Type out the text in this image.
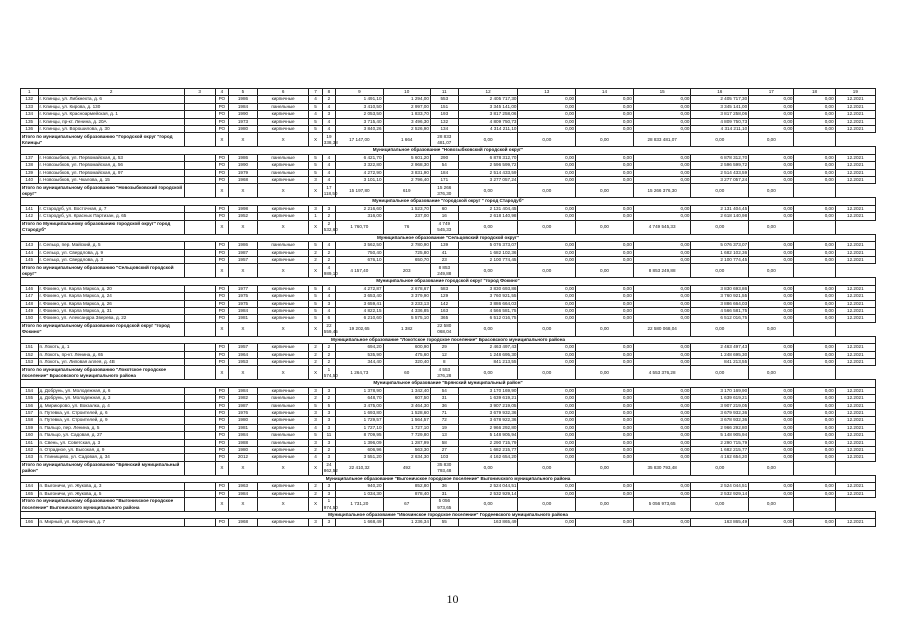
1	2	3	4	5	6	7	8	9	10	11	12	13	14	15	16	17	18	19
132	г. Клинцы, ул. Либкнехта, д. 6		РО	1986	кирпичные	4	2	1 491,10	1 294,00	553	2 405 717,30	0,00	0,00	0,00	2 405 717,30	0,00	0,00	12.2021
133	г. Клинцы, ул. Кирова, д. 130		РО	1984	панельные	5	4	3 410,50	2 997,00	151	3 345 141,00	0,00	0,00	0,00	3 345 141,00	0,00	0,00	12.2021
134	г. Клинцы, ул. Красноармейская, д. 1		РО	1990	кирпичные	4	3	2 053,50	1 833,70	193	3 817 258,06	0,00	0,00	0,00	3 817 258,06	0,00	0,00	12.2021
135	г. Клинцы, пр-кт. Ленина, д. 20А		РО	1973	кирпичные	5	4	3 715,40	3 496,30	132	4 809 750,73	0,00	0,00	0,00	4 809 750,73	0,00	0,00	12.2021
136	г. Клинцы, ул. Ворошилова, д. 30		РО	1980	кирпичные	5	4	3 840,26	2 526,90	134	4 314 211,10	0,00	0,00	0,00	4 314 211,10	0,00	0,00	12.2021
Итого по муниципальному образованию "Городской округ "город Клинцы"			Х	Х	Х	Х	19 338,38	17 147,00	1 664	28 833 481,07	0,00	0,00	0,00	28 833 481,07	0,00	0,00		
Муниципальное образование "Новозыбковский городской округ"																		
137	г. Новозыбков, ул. Первомайская, д. 53		РО	1986	панельные	5	4	6 421,70	5 601,20	290	6 878 312,70	0,00	0,00	0,00	6 878 312,70	0,00	0,00	12.2021
138	г. Новозыбков, ул. Первомайская, д. 56		РО	1990	кирпичные	5	4	3 322,80	2 968,30	54	2 596 599,72	0,00	0,00	0,00	2 596 599,72	0,00	0,00	12.2021
139	г. Новозыбков, ул. Первомайская, д. 97		РО	1979	панельные	5	4	4 272,90	3 831,90	184	2 514 433,59	0,00	0,00	0,00	2 514 433,59	0,00	0,00	12.2021
140	г. Новозыбков, ул. Чкалова, д. 15		РО	1968	кирпичные	3	4	3 101,10	2 796,40	171	3 277 057,24	0,00	0,00	0,00	3 277 057,24	0,00	0,00	12.2021
Итого по муниципальному образованию "Новозыбковский городской округ"			Х	Х	Х	Х	17 118,50	15 197,80	619	15 266 376,30	0,00	0,00	0,00	15 266 376,30	0,00	0,00		
Муниципальное образование "городской округ " город Стародуб"																		
141	г. Стародуб, ул. Восточная, д. 7		РО	1998	кирпичные	3	3	2 216,60	1 523,70	60	2 131 404,45	0,00	0,00	0,00	2 131 404,45	0,00	0,00	12.2021
142	г. Стародуб, ул. Красных Партизан, д. 65		РО	1952	кирпичные	1	2	316,00	237,00	16	2 618 140,98	0,00	0,00	0,00	2 618 140,98	0,00	0,00	12.2021
Итого по Муниципальному образованию городской округ" город Стародуб"			Х	Х	Х	Х	2 532,60	1 760,70	76	4 749 545,33	0,00	0,00	0,00	4 749 545,33	0,00	0,00		
Муниципальное образование "Сельцовский городской округ"																		
143	г. Сельцо, пер. Майский, д. 5		РО	1986	панельные	5	4	3 562,50	2 780,90	139	5 076 373,07	0,00	0,00	0,00	5 076 373,07	0,00	0,00	12.2021
144	г. Сельцо, ул. Свердлова, д. 9		РО	1987	кирпичные	2	2	750,40	725,80	41	1 682 102,36	0,00	0,00	0,00	1 682 102,36	0,00	0,00	12.2021
145	г. Сельцо, ул. Свердлова, д. 3		РО	1957	кирпичные	2	2	676,10	650,70	23	2 100 774,45	0,00	0,00	0,00	2 100 774,45	0,00	0,00	12.2021
Итого по муниципальному образованию "Сельцовский городской округ"			Х	Х	Х	Х	4 989,10	4 157,40	203	8 853 249,88	0,00	0,00	0,00	8 853 249,88	0,00	0,00		
Муниципальное образование городской округ "город Фокино"																		
146	г. Фокино, ул. Карла Маркса, д. 20		РО	1977	кирпичные	5	4	4 272,87	2 678,67	583	3 830 693,86	0,00	0,00	0,00	3 830 693,86	0,00	0,00	12.2021
147	г. Фокино, ул. Карла Маркса, д. 24		РО	1975	кирпичные	5	4	3 653,40	3 379,90	129	3 760 921,55	0,00	0,00	0,00	3 760 921,55	0,00	0,00	12.2021
148	г. Фокино, ул. Карла Маркса, д. 26		РО	1975	кирпичные	5	3	3 659,41	3 233,13	142	3 886 664,03	0,00	0,00	0,00	3 886 664,03	0,00	0,00	12.2021
149	г. Фокино, ул. Карла Маркса, д. 31		РО	1984	кирпичные	5	4	4 822,15	4 336,85	163	4 566 581,75	0,00	0,00	0,00	4 566 581,75	0,00	0,00	12.2021
150	г. Фокино, ул. Александра Зверева, д. 22		РО	1981	кирпичные	5	6	6 210,60	5 575,10	365	6 512 016,75	0,00	0,00	0,00	6 512 016,75	0,00	0,00	12.2021
Итого по муниципальному образованию городской округ "город Фокино"			Х	Х	Х	Х	22 559,45	19 202,65	1 382	22 580 068,04	0,00	0,00	0,00	22 580 068,04	0,00	0,00		
Муниципальное образование "Локотское городское поселение" Брасовского муниципального района																		
151	п. Локоть, д. 1		РО	1957	кирпичные	2	2	694,20	600,90	29	2 463 497,43	0,00	0,00	0,00	2 463 497,43	0,00	0,00	12.2021
152	п. Локоть, пр-кт. Ленина, д. 65		РО	1964	кирпичные	2	2	535,90	475,60	12	1 248 695,30	0,00	0,00	0,00	1 248 695,30	0,00	0,00	12.2021
153	п. Локоть, ул. Липовая аллея, д. 4В		РО	1953	кирпичные	2	2	344,40	320,40	8	841 213,55	0,00	0,00	0,00	841 213,55	0,00	0,00	12.2021
Итого по муниципальному образованию "Локотское городское поселение" Брасовского муниципального района			Х	Х	Х	Х	1 574,50	1 264,73	60	4 553 376,28	0,00	0,00	0,00	4 553 376,28	0,00	0,00		
Муниципальное образование "Брянский муниципальный район"																		
154	д. Добрунь, ул. Молодежная, д. 6		РО	1984	кирпичные	3	3	1 378,90	1 342,40	54	3 170 169,90	0,00	0,00	0,00	3 170 169,90	0,00	0,00	12.2021
155	д. Добрунь, ул. Молодежная, д. 3		РО	1982	панельные	2	2	648,70	607,50	31	1 639 619,21	0,00	0,00	0,00	1 639 619,21	0,00	0,00	12.2021
156	д. Мириюрово, ул. Вокзалка, д. 4		РО	1987	панельные	5	5	3 475,00	3 464,30	36	3 907 219,05	0,00	0,00	0,00	3 907 219,05	0,00	0,00	12.2021
157	п. Путевка, ул. Строителей, д. 6		РО	1976	кирпичные	3	3	1 693,80	1 528,60	71	3 679 932,36	0,00	0,00	0,00	3 679 932,36	0,00	0,00	12.2021
158	п. Путевка, ул. Строителей, д. 9		РО	1980	кирпичные	3	3	1 729,57	1 564,57	72	3 678 922,36	0,00	0,00	0,00	3 678 932,36	0,00	0,00	12.2021
159	п. Пальцо, пер. Ленина, д. 5		РО	1981	кирпичные	4	3	1 727,10	1 727,10	19	2 966 292,80	0,00	0,00	0,00	2 966 292,80	0,00	0,00	12.2021
160	п. Пальцо, ул. Садовая, д. 27		РО	1984	панельные	5	11	8 709,95	7 729,80	13	5 148 905,94	0,00	0,00	0,00	5 148 905,94	0,00	0,00	12.2021
161	п. Свень, ул. Советская, д. 3		РО	1988	панельные	3	3	1 396,09	1 287,99	58	2 290 715,79	0,00	0,00	0,00	2 290 715,79	0,00	0,00	12.2021
162	п. Отрадное, ул. Высокая, д. 9		РО	1980	кирпичные	2	2	606,96	563,30	27	1 682 215,77	0,00	0,00	0,00	1 682 215,77	0,00	0,00	12.2021
163	п. Глинищево, ул. Садовая, д. 34		РО	2012	кирпичные	4	3	3 551,20	2 634,30	103	4 162 654,20	0,00	0,00	0,00	4 162 654,20	0,00	0,00	12.2021
Итого по муниципальному образованию "Брянский муниципальный район"			Х	Х	Х	Х	24 862,52	22 410,32	492	35 830 793,48	0,00	0,00	0,00	35 830 793,48	0,00	0,00		
Муниципальное образование "Выгоничское городское поселение" Выгоничского муниципального района																		
164	п. Выгоничи, ул. Жукова, д. 3		РО	1963	кирпичные	2	3	940,20	852,80	36	2 524 044,51	0,00	0,00	0,00	2 524 044,51	0,00	0,00	12.2021
165	п. Выгоничи, ул. Жукова, д. 5		РО	1984	кирпичные	2	3	1 034,30	878,40	31	2 532 929,14	0,00	0,00	0,00	2 532 929,14	0,00	0,00	12.2021
Итого по муниципальному образованию "Выгоничское городское поселение" Выгоничского муниципального района			Х	Х	Х	Х	1 974,50	1 731,20	67	5 056 973,65	0,00	0,00	0,00	5 056 973,65	0,00	0,00		
Муниципальное образование "Ивочинское городское поселение" Гордеевского муниципального района																		
166	п. Мирный, ул. Кирпичная, д. 7		РО	1968	кирпичные	3	3	1 668,49	1 236,34	55	163 865,49	0,00	0,00	0,00	163 865,49	0,00	0,00	12.2021
10
